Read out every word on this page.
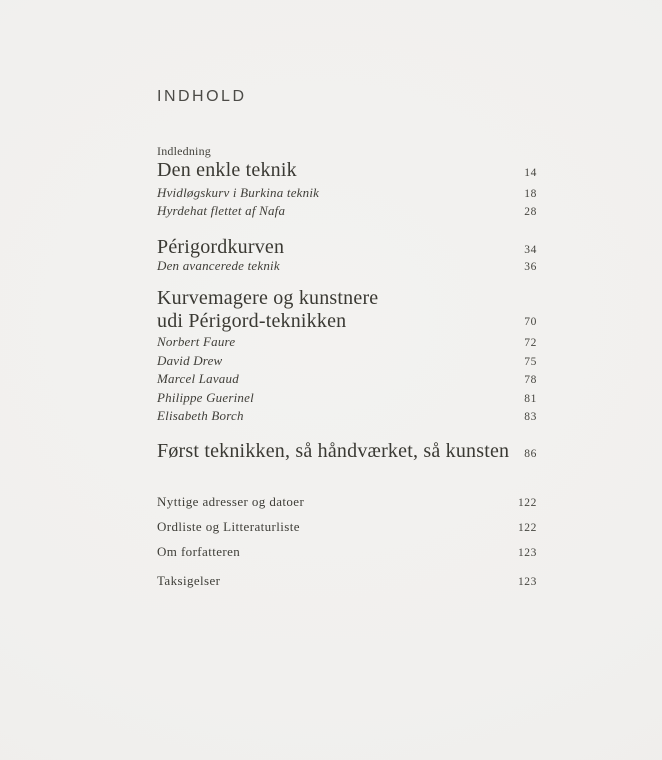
INDHOLD
Indledning
Den enkle teknik	14
Hvidløgskurv i Burkina teknik	18
Hyrdehat flettet af Nafa	28
Périgordkurven	34
Den avancerede teknik	36
Kurvemagere og kunstnere
udi Périgord-teknikken	70
Norbert Faure	72
David Drew	75
Marcel Lavaud	78
Philippe Guerinel	81
Elisabeth Borch	83
Først teknikken, så håndværket, så kunsten 86
Nyttige adresser og datoer	122
Ordliste og Litteraturliste	122
Om forfatteren	123
Taksigelser	123
